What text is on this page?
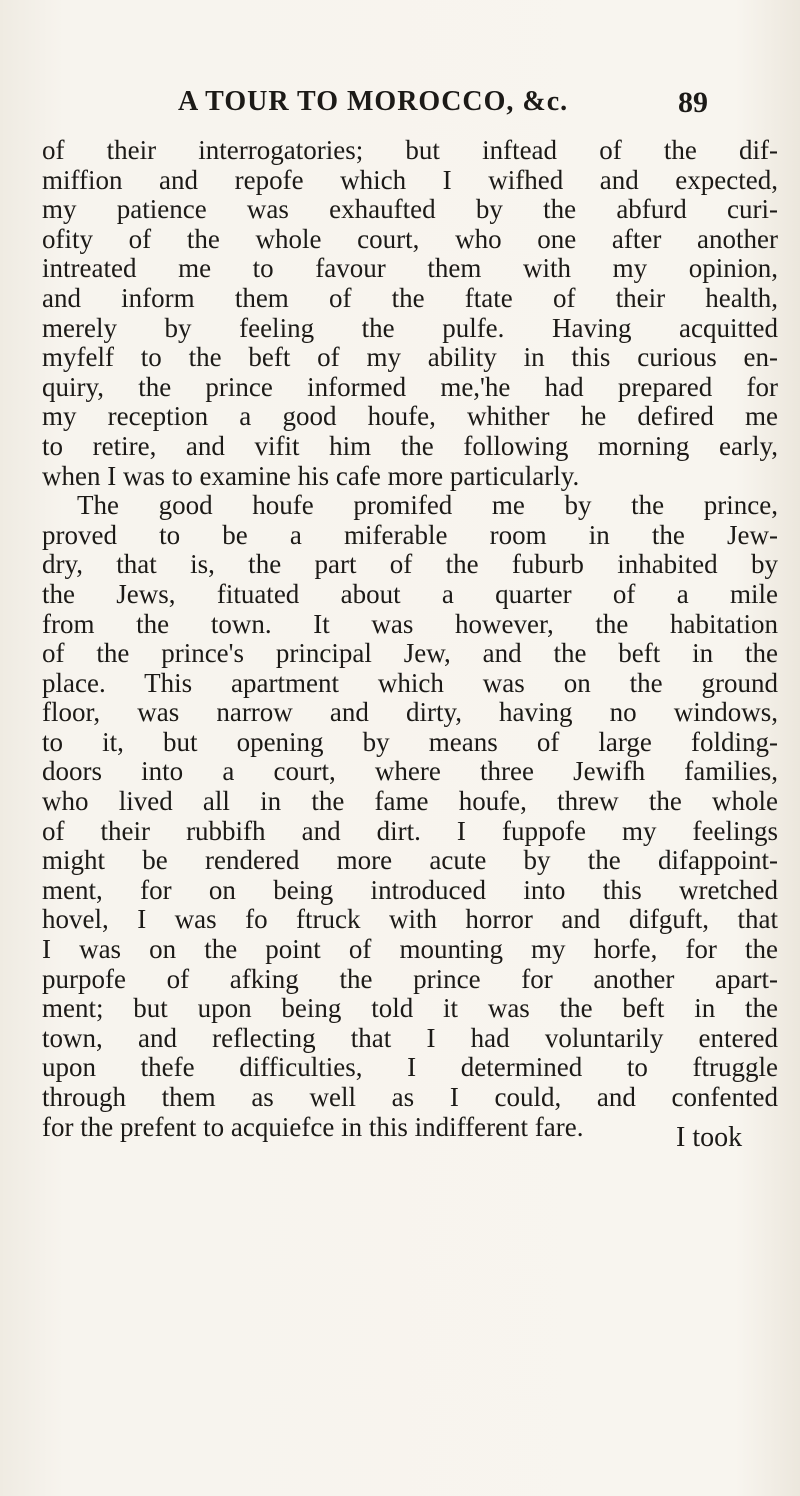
A TOUR TO MOROCCO, &c.	89
of their interrogatories; but inftead of the dif-
miffion and repofe which I wifhed and expected,
my patience was exhaufted by the abfurd curi-
ofity of the whole court, who one after another
intreated me to favour them with my opinion,
and inform them of the ftate of their health,
merely by feeling the pulfe. Having acquitted
myfelf to the beft of my ability in this curious en-
quiry, the prince informed me,'he had prepared for
my reception a good houfe, whither he defired me
to retire, and vifit him the following morning early,
when I was to examine his cafe more particularly.
The good houfe promifed me by the prince,
proved to be a miferable room in the Jew-
dry, that is, the part of the fuburb inhabited by
the Jews, fituated about a quarter of a mile
from the town. It was however, the habitation
of the prince's principal Jew, and the beft in the
place. This apartment which was on the ground
floor, was narrow and dirty, having no windows,
to it, but opening by means of large folding-
doors into a court, where three Jewifh families,
who lived all in the fame houfe, threw the whole
of their rubbifh and dirt. I fuppofe my feelings
might be rendered more acute by the difappoint-
ment, for on being introduced into this wretched
hovel, I was fo ftruck with horror and difguft, that
I was on the point of mounting my horfe, for the
purpofe of afking the prince for another apart-
ment; but upon being told it was the beft in the
town, and reflecting that I had voluntarily entered
upon thefe difficulties, I determined to ftruggle
through them as well as I could, and confented
for the prefent to acquiefce in this indifferent fare.	I took
